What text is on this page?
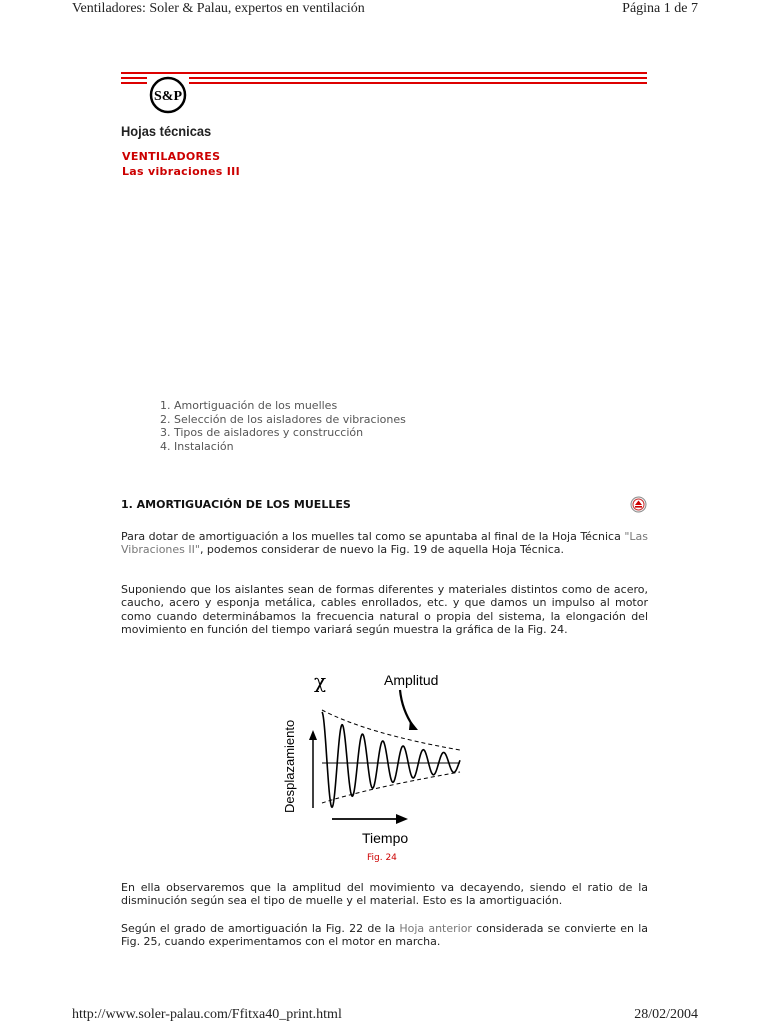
Ventiladores: Soler & Palau, expertos en ventilación	Página 1 de 7
S&P
Hojas técnicas
VENTILADORES
Las vibraciones III
1. Amortiguación de los muelles
2. Selección de los aisladores de vibraciones
3. Tipos de aisladores y construcción
4. Instalación
1. AMORTIGUACIÓN DE LOS MUELLES
Para dotar de amortiguación a los muelles tal como se apuntaba al final de la Hoja Técnica "Las Vibraciones II", podemos considerar de nuevo la Fig. 19 de aquella Hoja Técnica.
Suponiendo que los aislantes sean de formas diferentes y materiales distintos como de acero, caucho, acero y esponja metálica, cables enrollados, etc. y que damos un impulso al motor como cuando determinábamos la frecuencia natural o propia del sistema, la elongación del movimiento en función del tiempo variará según muestra la gráfica de la Fig. 24.
χ	Amplitud
Desplazamiento
Tiempo
Fig. 24
En ella observaremos que la amplitud del movimiento va decayendo, siendo el ratio de la disminución según sea el tipo de muelle y el material. Esto es la amortiguación.
Según el grado de amortiguación la Fig. 22 de la Hoja anterior considerada se convierte en la Fig. 25, cuando experimentamos con el motor en marcha.
http://www.soler-palau.com/Ffitxa40_print.html	28/02/2004
